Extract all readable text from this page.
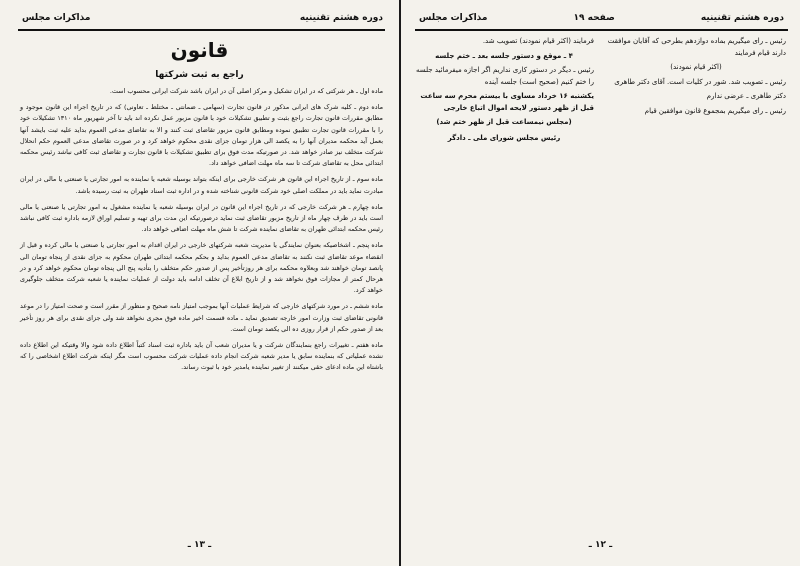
دوره هشتم تقنینیه
مذاکرات مجلس
قانون
راجع به ثبت شرکتها

ماده اول ـ هر شرکتی که در ایران تشکیل و مرکز اصلی آن در ایران باشد شرکت ایرانی محسوب است.

ماده دوم ـ کلیه شرک های ایرانی مذکور در قانون تجارت (سهامی ـ ضمانتی ـ مختلط ـ تعاونی) که در تاریخ اجراء این قانون موجود و مطابق مقررات قانون تجارت راجع بثبت و تطبیق تشکیلات خود با قانون مزبور عمل نکرده اند باید تا آخر شهریور ماه ۱۳۱۰ تشکیلات خود را با مقررات قانون تجارت تطبیق نموده ومطابق قانون مزبور تقاضای ثبت کنند و الا به تقاضای مدعی العموم بداید علیه ثبت بایشد آنها بعمل آید محکمه مدیران آنها را به یکصد الی هزار تومان جزای نقدی محکوم خواهد کرد و در صورت تقاضای مدعی العموم حکم انحلال شرکت متخلف نیز صادر خواهد شد. در صورتیکه مدت فوق برای تطبیق تشکیلات با قانون تجارت و تقاضای ثبت کافی نباشد رئیس محکمه ابتدائی محل به تقاضای شرکت تا سه ماه مهلت اضافی خواهد داد.

ماده سوم ـ از تاریخ اجراء این قانون هر شرکت خارجی برای اینکه بتواند بوسیله شعبه یا نماینده به امور تجارتی یا صنعتی یا مالی در ایران مبادرت نماید باید در مملکت اصلی خود شرکت قانونی شناخته شده و در اداره ثبت اسناد طهران به ثبت رسیده باشد.

ماده چهارم ـ هر شرکت خارجی که در تاریخ اجراء این قانون در ایران بوسیله شعبه یا نماینده مشغول به امور تجارتی یا صنعتی یا مالی است باید در ظرف چهار ماه از تاریخ مزبور تقاضای ثبت نماید درصورتیکه این مدت برای تهیه و تسلیم اوراق لازمه باداره ثبت کافی نباشد رئیس محکمه ابتدائی طهران به تقاضای نماینده شرکت تا شش ماه مهلت اضافی خواهد داد.

ماده پنجم ـ اشخاصیکه بعنوان نمایندگی یا مدیریت شعبه شرکتهای خارجی در ایران اقدام به امور تجارتی یا صنعتی یا مالی کرده و قبل از انقضاء موعد تقاضای ثبت نکنند به تقاضای مدعی العموم بداید و بحکم محکمه ابتدائی طهران محکوم به جزای نقدی از پنجاه تومان الی پانصد تومان خواهند شد وبعلاوه محکمه برای هر روزتأخیر پس از صدور حکم متخلف را بتأدیه پنج الی پنجاه تومان محکوم خواهد کرد و در هرحال کمتر از مجازات فوق نخواهد شد و از تاریخ ابلاغ آن تخلف ادامه باید دولت از عملیات نماینده یا شعبه شرکت متخلف جلوگیری خواهد کرد.

ماده ششم ـ در مورد شرکتهای خارجی که شرایط عملیات آنها بموجب امتیاز نامه صحیح و منظور از مقرر است و صحت امتیاز را در موعد قانونی تقاضای ثبت وزارت امور خارجه تصدیق نماید ـ ماده قسمت اخیر ماده فوق مجری نخواهد شد ولی جزای نقدی برای هر روز تأخیر بعد از صدور حکم از قرار روزی ده الی یکصد تومان است.

ماده هفتم ـ تغییرات راجع بنمایندگان شرکت و یا مدیران شعب آن باید باداره ثبت اسناد کتباً اطلاع داده شود والا وقتیکه این اطلاع داده نشده عملیاتی که بنماینده سابق یا مدیر شعبه شرکت انجام داده عملیات شرکت محسوب است مگر اینکه شرکت اطلاع اشخاصی را که باشتاه این ماده ادعای حقی میکنند از تغییر نماینده یامدیر خود با ثبوت رساند.

ـ ۱۳ ـ
دوره هشتم تقنینیه
صفحه ۱۹
مذاکرات مجلس

رئیس ـ رای میگیریم بماده دوازدهم بطرحی که آقایان موافقت دارند قیام فرمایند

(اکثر قیام نمودند)

رئیس ـ تصویب شد. شور در کلیات است. آقای دکتر طاهری

دکتر طاهری ـ عرضی ندارم

رئیس ـ رای میگیریم بمجموع قانون موافقین قیام

فرمایند (اکثر قیام نمودند) تصویب شد.

۴ ـ موقع و دستور جلسه بعد ـ ختم جلسه

رئیس ـ دیگر در دستور کاری نداریم اگر اجازه میفرمائید جلسه را ختم کنیم (صحیح است) جلسه آینده

یکشنبه ۱۶ خرداد مساوی با بیستم محرم سه ساعت قبل از ظهر دستور لایحه اموال اتباع خارجی

(مجلس نیمساعت قبل از ظهر ختم شد)

رئیس مجلس شورای ملی ـ دادگر

ـ ۱۲ ـ
